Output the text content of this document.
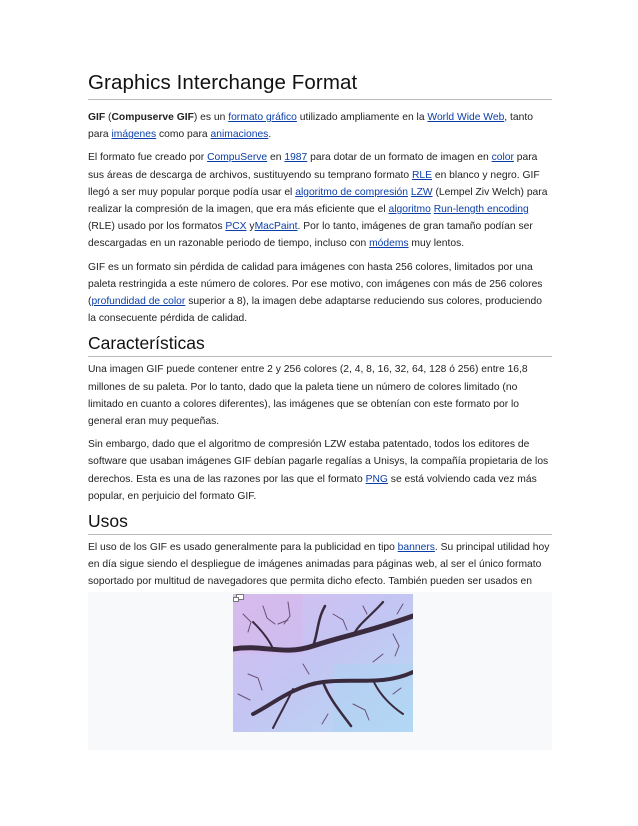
Graphics Interchange Format

GIF (Compuserve GIF) es un formato gráfico utilizado ampliamente en la World Wide Web, tanto para imágenes como para animaciones.

El formato fue creado por CompuServe en 1987 para dotar de un formato de imagen en color para sus áreas de descarga de archivos, sustituyendo su temprano formato RLE en blanco y negro. GIF llegó a ser muy popular porque podía usar el algoritmo de compresión LZW (Lempel Ziv Welch) para realizar la compresión de la imagen, que era más eficiente que el algoritmo Run-length encoding (RLE) usado por los formatos PCX yMacPaint. Por lo tanto, imágenes de gran tamaño podían ser descargadas en un razonable periodo de tiempo, incluso con módems muy lentos.

GIF es un formato sin pérdida de calidad para imágenes con hasta 256 colores, limitados por una paleta restringida a este número de colores. Por ese motivo, con imágenes con más de 256 colores (profundidad de color superior a 8), la imagen debe adaptarse reduciendo sus colores, produciendo la consecuente pérdida de calidad.

Características

Una imagen GIF puede contener entre 2 y 256 colores (2, 4, 8, 16, 32, 64, 128 ó 256) entre 16,8 millones de su paleta. Por lo tanto, dado que la paleta tiene un número de colores limitado (no limitado en cuanto a colores diferentes), las imágenes que se obtenían con este formato por lo general eran muy pequeñas.

Sin embargo, dado que el algoritmo de compresión LZW estaba patentado, todos los editores de software que usaban imágenes GIF debían pagarle regalías a Unisys, la compañía propietaria de los derechos. Esta es una de las razones por las que el formato PNG se está volviendo cada vez más popular, en perjuicio del formato GIF.

Usos

El uso de los GIF es usado generalmente para la publicidad en tipo banners. Su principal utilidad hoy en día sigue siendo el despliegue de imágenes animadas para páginas web, al ser el único formato soportado por multitud de navegadores que permita dicho efecto. También pueden ser usados en
